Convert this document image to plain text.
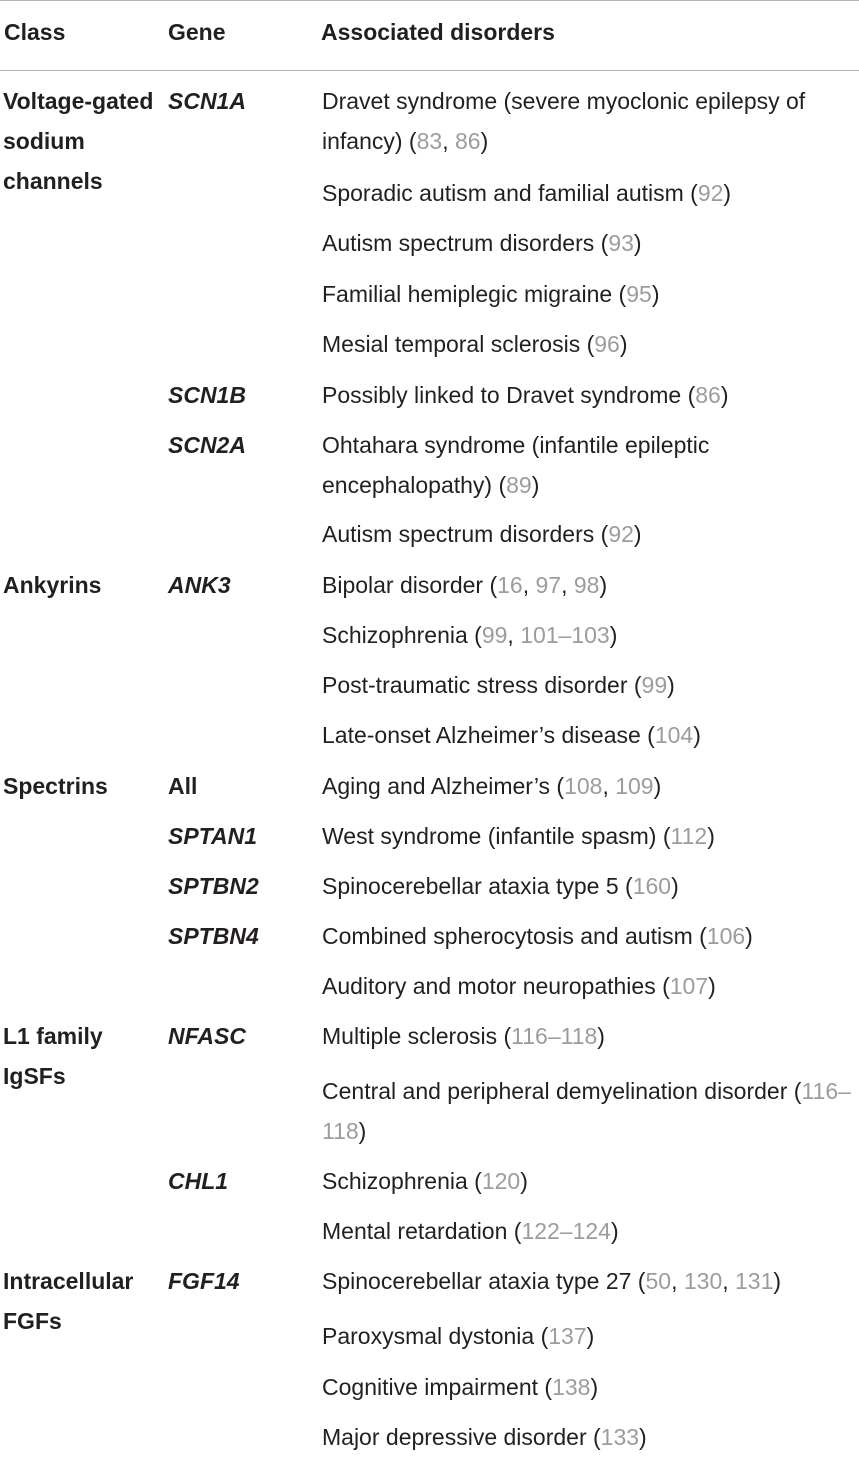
Class	Gene	Associated disorders
Voltage-gated sodium channels
Ankyrins
Spectrins
L1 family IgSFs
Intracellular FGFs
SCN1A
SCN1B
SCN2A
ANK3
All
SPTAN1
SPTBN2
SPTBN4
NFASC
CHL1
FGF14
Dravet syndrome (severe myoclonic epilepsy of infancy) (83, 86)
Sporadic autism and familial autism (92)
Autism spectrum disorders (93)
Familial hemiplegic migraine (95)
Mesial temporal sclerosis (96)
Possibly linked to Dravet syndrome (86)
Ohtahara syndrome (infantile epileptic encephalopathy) (89)
Autism spectrum disorders (92)
Bipolar disorder (16, 97, 98)
Schizophrenia (99, 101–103)
Post-traumatic stress disorder (99)
Late-onset Alzheimer’s disease (104)
Aging and Alzheimer’s (108, 109)
West syndrome (infantile spasm) (112)
Spinocerebellar ataxia type 5 (160)
Combined spherocytosis and autism (106)
Auditory and motor neuropathies (107)
Multiple sclerosis (116–118)
Central and peripheral demyelination disorder (116–118)
Schizophrenia (120)
Mental retardation (122–124)
Spinocerebellar ataxia type 27 (50, 130, 131)
Paroxysmal dystonia (137)
Cognitive impairment (138)
Major depressive disorder (133)
